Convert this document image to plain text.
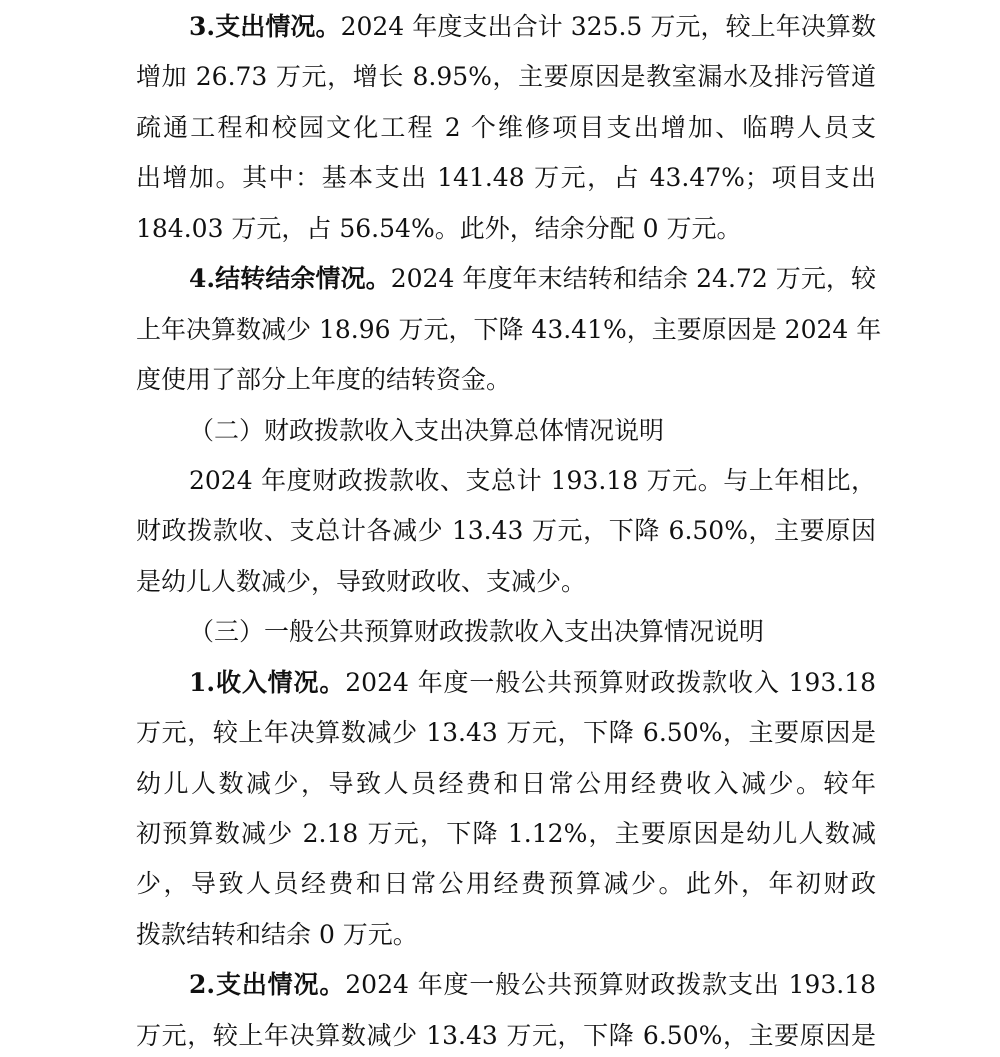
3.支出情况。2024 年度支出合计 325.5 万元，较上年决算数
增加 26.73 万元，增长 8.95%，主要原因是教室漏水及排污管道
疏通工程和校园文化工程 2 个维修项目支出增加、临聘人员支
出增加。其中：基本支出 141.48 万元，占 43.47%；项目支出
184.03 万元，占 56.54%。此外，结余分配 0 万元。
4.结转结余情况。2024 年度年末结转和结余 24.72 万元，较
上年决算数减少 18.96 万元，下降 43.41%，主要原因是 2024 年
度使用了部分上年度的结转资金。
（二）财政拨款收入支出决算总体情况说明
2024 年度财政拨款收、支总计 193.18 万元。与上年相比，
财政拨款收、支总计各减少 13.43 万元，下降 6.50%，主要原因
是幼儿人数减少，导致财政收、支减少。
（三）一般公共预算财政拨款收入支出决算情况说明
1.收入情况。2024 年度一般公共预算财政拨款收入 193.18
万元，较上年决算数减少 13.43 万元，下降 6.50%，主要原因是
幼儿人数减少，导致人员经费和日常公用经费收入减少。较年
初预算数减少 2.18 万元，下降 1.12%，主要原因是幼儿人数减
少，导致人员经费和日常公用经费预算减少。此外，年初财政
拨款结转和结余 0 万元。
2.支出情况。2024 年度一般公共预算财政拨款支出 193.18
万元，较上年决算数减少 13.43 万元，下降 6.50%，主要原因是
